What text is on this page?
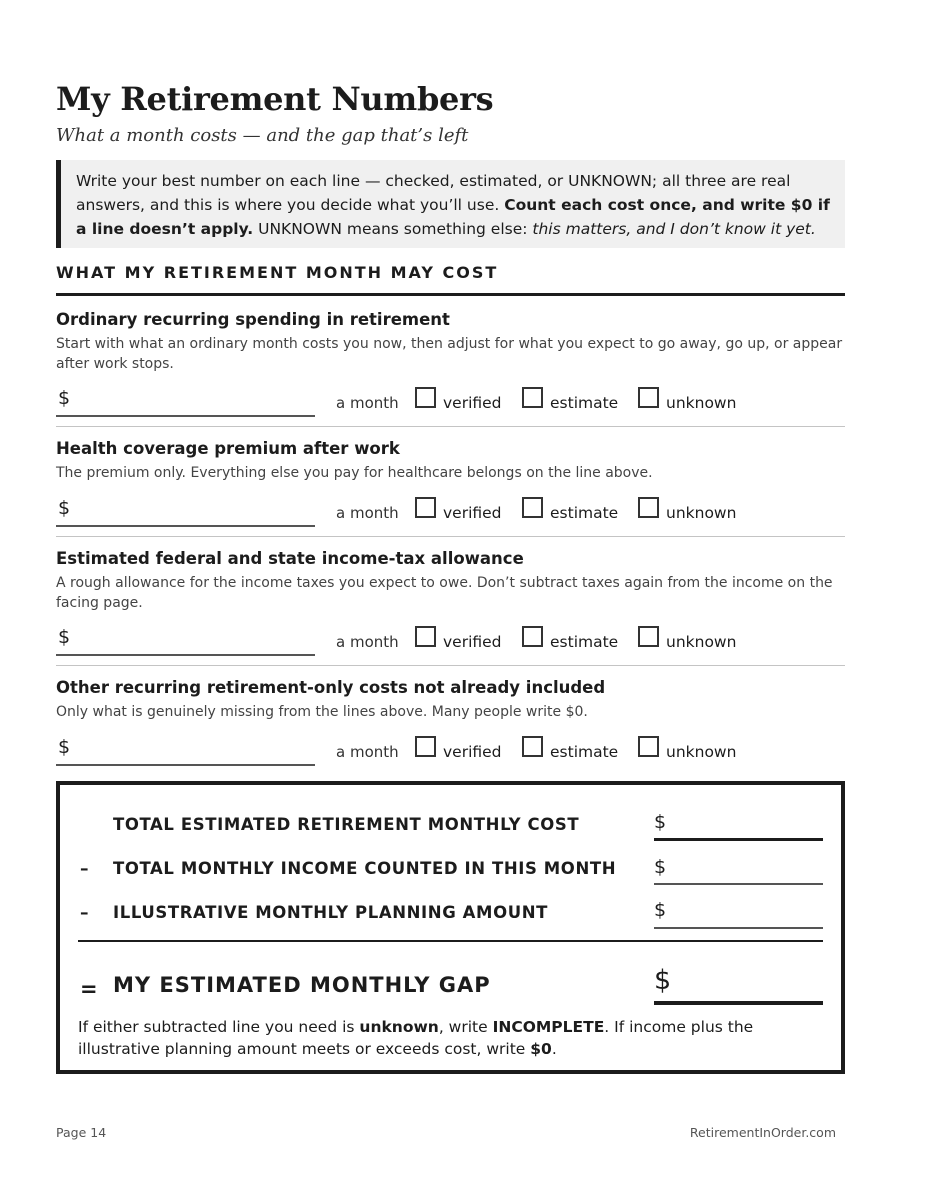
My Retirement Numbers
What a month costs — and the gap that’s left
Write your best number on each line — checked, estimated, or UNKNOWN; all three are real answers, and this is where you decide what you’ll use. Count each cost once, and write $0 if a line doesn’t apply. UNKNOWN means something else: this matters, and I don’t know it yet.
WHAT MY RETIREMENT MONTH MAY COST
Ordinary recurring spending in retirement
Start with what an ordinary month costs you now, then adjust for what you expect to go away, go up, or appear after work stops.
$	a month	verified	estimate	unknown
Health coverage premium after work
The premium only. Everything else you pay for healthcare belongs on the line above.
$	a month	verified	estimate	unknown
Estimated federal and state income-tax allowance
A rough allowance for the income taxes you expect to owe. Don’t subtract taxes again from the income on the facing page.
$	a month	verified	estimate	unknown
Other recurring retirement-only costs not already included
Only what is genuinely missing from the lines above. Many people write $0.
$	a month	verified	estimate	unknown
TOTAL ESTIMATED RETIREMENT MONTHLY COST	$
– TOTAL MONTHLY INCOME COUNTED IN THIS MONTH $
– ILLUSTRATIVE MONTHLY PLANNING AMOUNT	$
= MY ESTIMATED MONTHLY GAP	$
If either subtracted line you need is unknown, write INCOMPLETE. If income plus the illustrative planning amount meets or exceeds cost, write $0.
Page 14	RetirementInOrder.com
